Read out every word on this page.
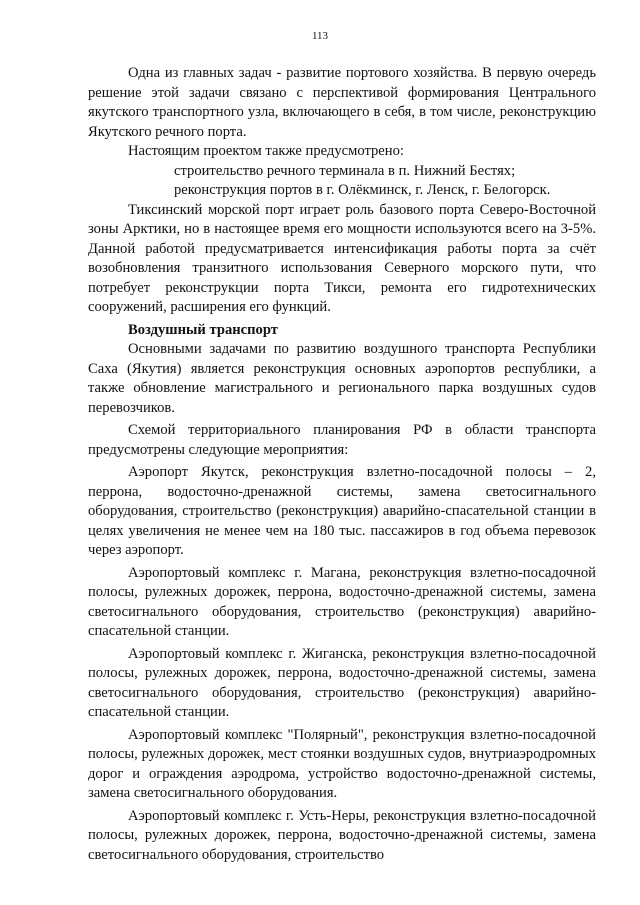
113

Одна из главных задач - развитие портового хозяйства. В первую очередь решение этой задачи связано с перспективой формирования Центрального якутского транспортного узла, включающего в себя, в том числе, реконструкцию Якутского речного порта.

Настоящим проектом также предусмотрено:

строительство речного терминала в п. Нижний Бестях;

реконструкция портов в г. Олёкминск, г. Ленск, г. Белогорск.

Тиксинский морской порт играет роль базового порта Северо-Восточной зоны Арктики, но в настоящее время его мощности используются всего на 3-5%. Данной работой предусматривается интенсификация работы порта за счёт возобновления транзитного использования Северного морского пути, что потребует реконструкции порта Тикси, ремонта его гидротехнических сооружений, расширения его функций.

Воздушный транспорт

Основными задачами по развитию воздушного транспорта Республики Саха (Якутия) является реконструкция основных аэропортов республики, а также обновление магистрального и регионального парка воздушных судов перевозчиков.

Схемой территориального планирования РФ в области транспорта предусмотрены следующие мероприятия:

Аэропорт Якутск, реконструкция взлетно-посадочной полосы – 2, перрона, водосточно-дренажной системы, замена светосигнального оборудования, строительство (реконструкция) аварийно-спасательной станции в целях увеличения не менее чем на 180 тыс. пассажиров в год объема перевозок через аэропорт.

Аэропортовый комплекс г. Магана, реконструкция взлетно-посадочной полосы, рулежных дорожек, перрона, водосточно-дренажной системы, замена светосигнального оборудования, строительство (реконструкция) аварийно-спасательной станции.

Аэропортовый комплекс г. Жиганска, реконструкция взлетно-посадочной полосы, рулежных дорожек, перрона, водосточно-дренажной системы, замена светосигнального оборудования, строительство (реконструкция) аварийно-спасательной станции.

Аэропортовый комплекс "Полярный", реконструкция взлетно-посадочной полосы, рулежных дорожек, мест стоянки воздушных судов, внутриаэродромных дорог и ограждения аэродрома, устройство водосточно-дренажной системы, замена светосигнального оборудования.

Аэропортовый комплекс г. Усть-Неры, реконструкция взлетно-посадочной полосы, рулежных дорожек, перрона, водосточно-дренажной системы, замена светосигнального оборудования, строительство
